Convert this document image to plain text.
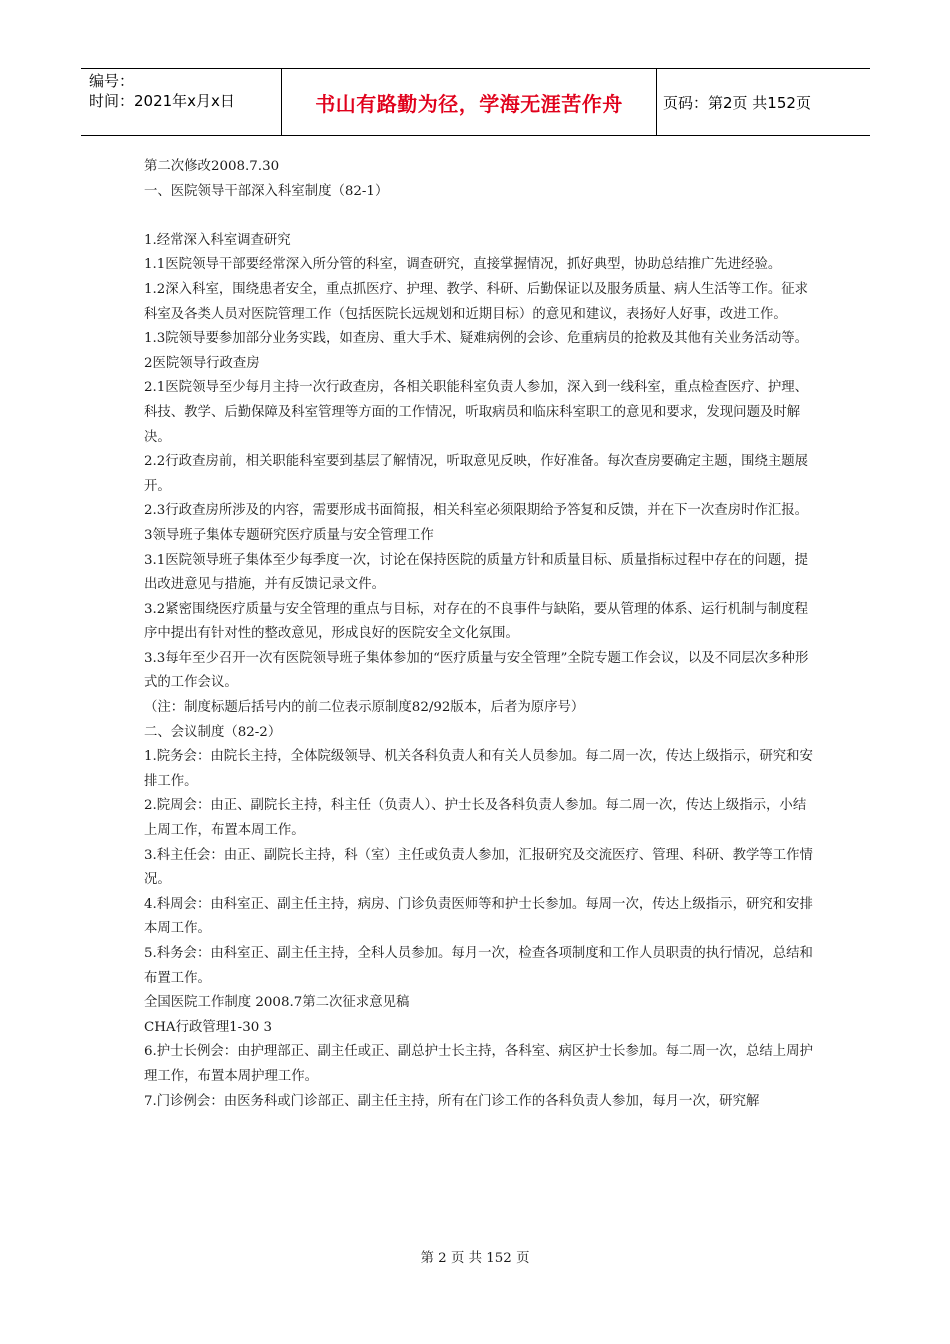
编号：
时间：2021年x月x日	书山有路勤为径，学海无涯苦作舟	页码：第2页 共152页

第二次修改2008.7.30

一、医院领导干部深入科室制度（82-1）

1.经常深入科室调查研究

1.1医院领导干部要经常深入所分管的科室，调查研究，直接掌握情况，抓好典型，协助总结推广先进经验。

1.2深入科室，围绕患者安全，重点抓医疗、护理、教学、科研、后勤保证以及服务质量、病人生活等工作。征求科室及各类人员对医院管理工作（包括医院长远规划和近期目标）的意见和建议，表扬好人好事，改进工作。

1.3院领导要参加部分业务实践，如查房、重大手术、疑难病例的会诊、危重病员的抢救及其他有关业务活动等。

2医院领导行政查房

2.1医院领导至少每月主持一次行政查房，各相关职能科室负责人参加，深入到一线科室，重点检查医疗、护理、科技、教学、后勤保障及科室管理等方面的工作情况，听取病员和临床科室职工的意见和要求，发现问题及时解决。

2.2行政查房前，相关职能科室要到基层了解情况，听取意见反映，作好准备。每次查房要确定主题，围绕主题展开。

2.3行政查房所涉及的内容，需要形成书面简报，相关科室必须限期给予答复和反馈，并在下一次查房时作汇报。

3领导班子集体专题研究医疗质量与安全管理工作

3.1医院领导班子集体至少每季度一次，讨论在保持医院的质量方针和质量目标、质量指标过程中存在的问题，提出改进意见与措施，并有反馈记录文件。

3.2紧密围绕医疗质量与安全管理的重点与目标，对存在的不良事件与缺陷，要从管理的体系、运行机制与制度程序中提出有针对性的整改意见，形成良好的医院安全文化氛围。

3.3每年至少召开一次有医院领导班子集体参加的“医疗质量与安全管理”全院专题工作会议，以及不同层次多种形式的工作会议。

（注：制度标题后括号内的前二位表示原制度82/92版本，后者为原序号）

二、会议制度（82-2）

1.院务会：由院长主持，全体院级领导、机关各科负责人和有关人员参加。每二周一次，传达上级指示，研究和安排工作。

2.院周会：由正、副院长主持，科主任（负责人）、护士长及各科负责人参加。每二周一次，传达上级指示，小结上周工作，布置本周工作。

3.科主任会：由正、副院长主持，科（室）主任或负责人参加，汇报研究及交流医疗、管理、科研、教学等工作情况。

4.科周会：由科室正、副主任主持，病房、门诊负责医师等和护士长参加。每周一次，传达上级指示，研究和安排本周工作。

5.科务会：由科室正、副主任主持，全科人员参加。每月一次，检查各项制度和工作人员职责的执行情况，总结和布置工作。

全国医院工作制度 2008.7第二次征求意见稿

CHA行政管理1-30 3

6.护士长例会：由护理部正、副主任或正、副总护士长主持，各科室、病区护士长参加。每二周一次，总结上周护理工作，布置本周护理工作。

7.门诊例会：由医务科或门诊部正、副主任主持，所有在门诊工作的各科负责人参加，每月一次，研究解

第 2 页 共 152 页
